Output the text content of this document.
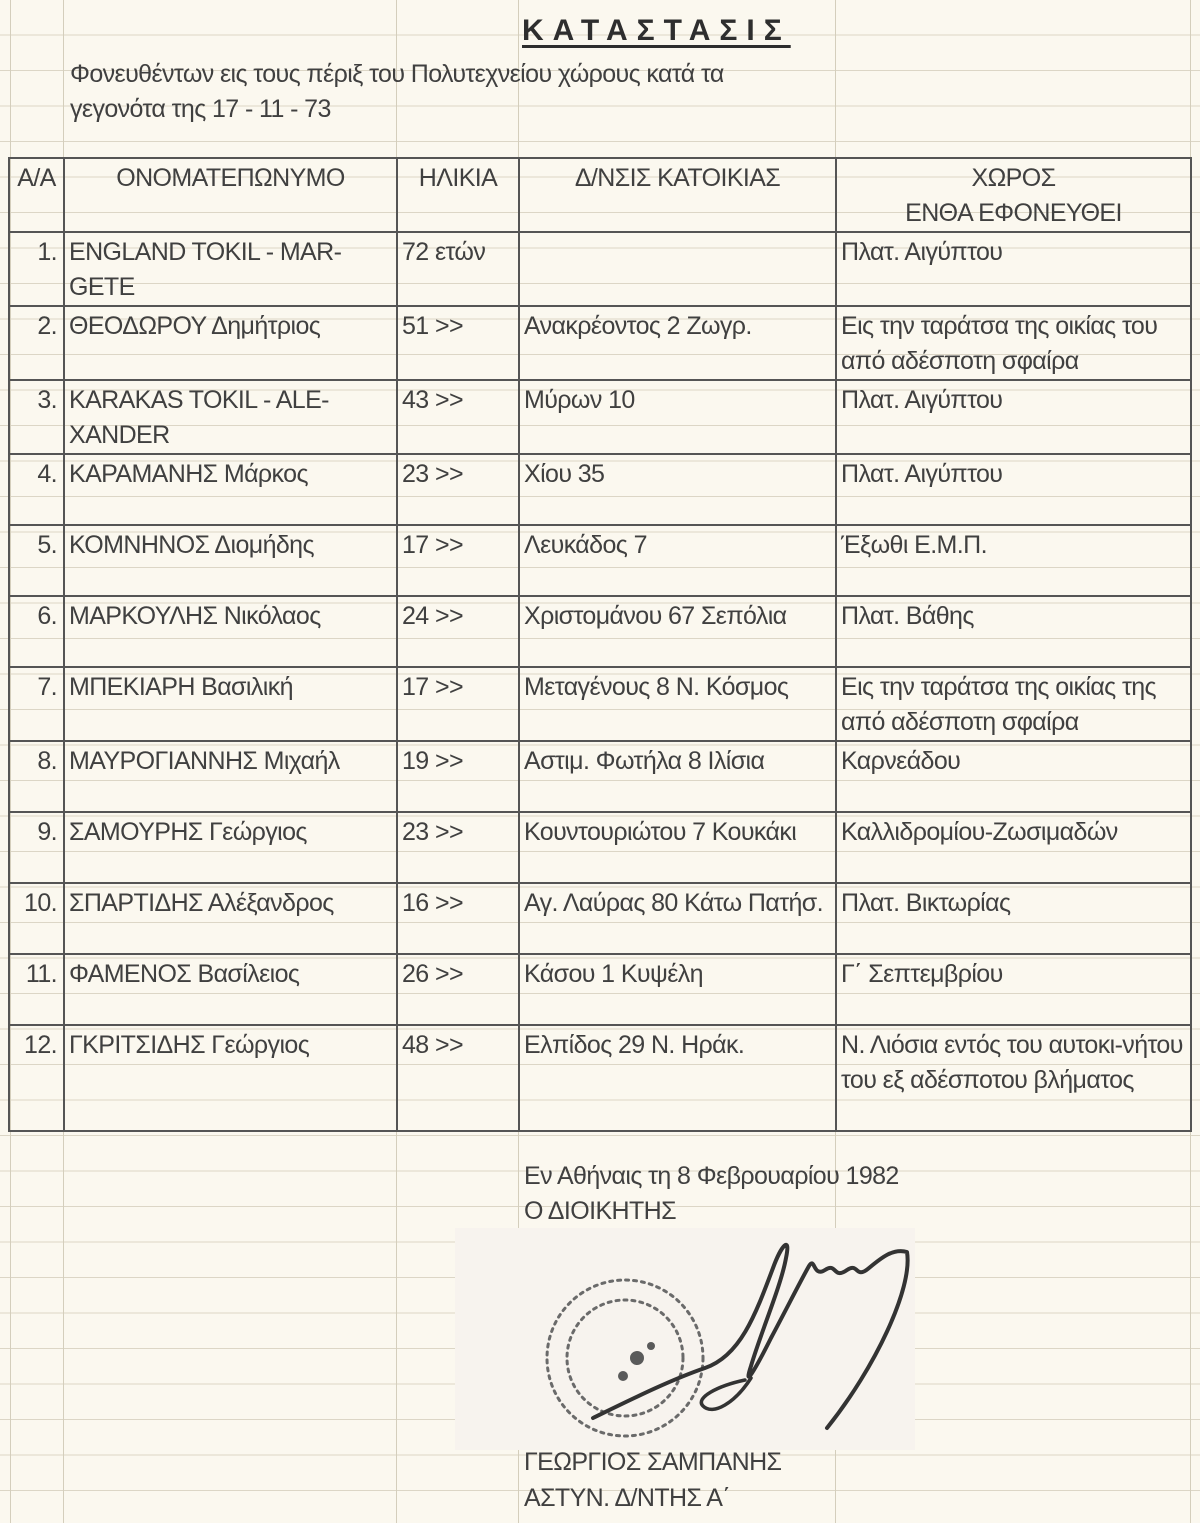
ΚΑΤΑΣΤΑΣΙΣ
Φονευθέντων εις τους πέριξ του Πολυτεχνείου χώρους κατά τα
γεγονότα της 17 - 11 - 73
Α/Α	ΟΝΟΜΑΤΕΠΩΝΥΜΟ	ΗΛΙΚΙΑ	Δ/ΝΣΙΣ ΚΑΤΟΙΚΙΑΣ	ΧΩΡΟΣ
ΕΝΘΑ ΕΦΟΝΕΥΘΕΙ

1.	ENGLAND TOKIL - MAR-GETE	72 ετών		Πλατ. Αιγύπτου
2.	ΘΕΟΔΩΡΟΥ Δημήτριος	51 >>	Ανακρέοντος 2 Ζωγρ.	Εις την ταράτσα της οικίας του από αδέσποτη σφαίρα
3.	KARAKAS TOKIL - ALE-XANDER	43 >>	Μύρων 10	Πλατ. Αιγύπτου
4.	ΚΑΡΑΜΑΝΗΣ Μάρκος	23 >>	Χίου 35	Πλατ. Αιγύπτου
5.	ΚΟΜΝΗΝΟΣ Διομήδης	17 >>	Λευκάδος 7	Έξωθι Ε.Μ.Π.
6.	ΜΑΡΚΟΥΛΗΣ Νικόλαος	24 >>	Χριστομάνου 67 Σεπόλια	Πλατ. Βάθης
7.	ΜΠΕΚΙΑΡΗ Βασιλική	17 >>	Μεταγένους 8 Ν. Κόσμος	Εις την ταράτσα της οικίας της από αδέσποτη σφαίρα
8.	ΜΑΥΡΟΓΙΑΝΝΗΣ Μιχαήλ	19 >>	Αστιμ. Φωτήλα 8 Ιλίσια	Καρνεάδου
9.	ΣΑΜΟΥΡΗΣ Γεώργιος	23 >>	Κουντουριώτου 7 Κουκάκι	Καλλιδρομίου-Ζωσιμαδών
10.	ΣΠΑΡΤΙΔΗΣ Αλέξανδρος	16 >>	Αγ. Λαύρας 80 Κάτω Πατήσ.	Πλατ. Βικτωρίας
11.	ΦΑΜΕΝΟΣ Βασίλειος	26 >>	Κάσου 1 Κυψέλη	Γ΄ Σεπτεμβρίου
12.	ΓΚΡΙΤΣΙΔΗΣ Γεώργιος	48 >>	Ελπίδος 29 Ν. Ηράκ.	Ν. Λιόσια εντός του αυτοκι-νήτου του εξ αδέσποτου βλήματος
Εν Αθήναις τη 8 Φεβρουαρίου 1982
Ο ΔΙΟΙΚΗΤΗΣ
ΓΕΩΡΓΙΟΣ ΣΑΜΠΑΝΗΣ
ΑΣΤΥΝ. Δ/ΝΤΗΣ Α΄
